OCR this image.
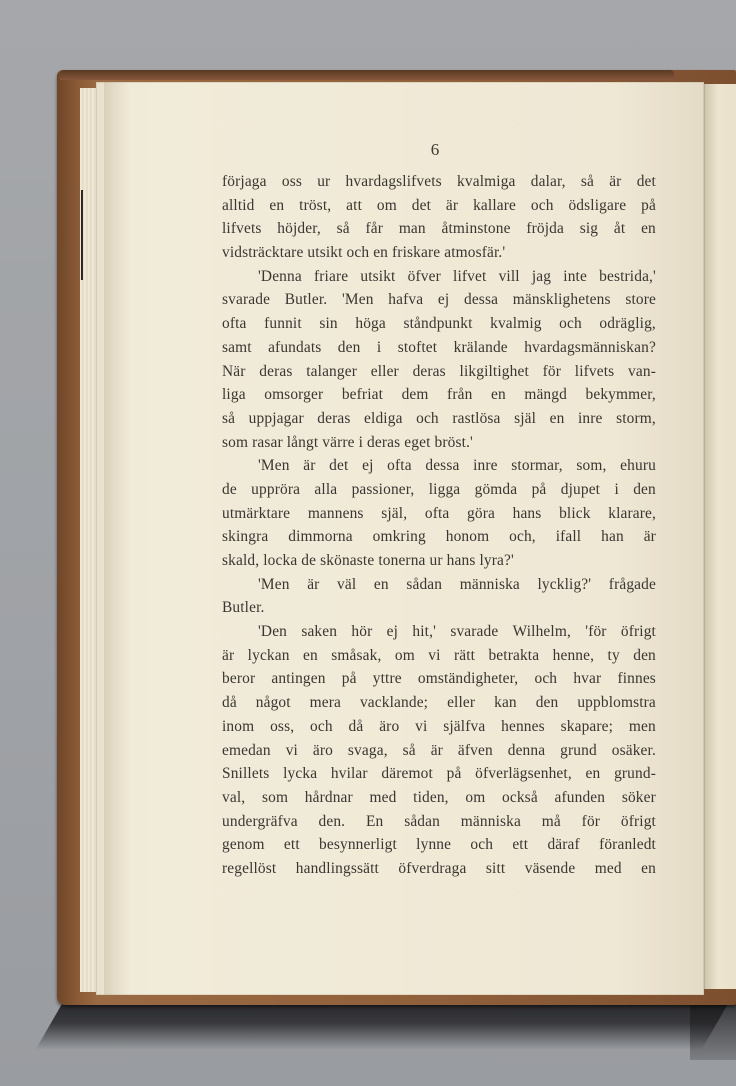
6
förjaga oss ur hvardagslifvets kvalmiga dalar, så är det
alltid en tröst, att om det är kallare och ödsligare på
lifvets höjder, så får man åtminstone fröjda sig åt en
vidsträcktare utsikt och en friskare atmosfär.'
'Denna friare utsikt öfver lifvet vill jag inte bestrida,'
svarade Butler. 'Men hafva ej dessa mänsklighetens store
ofta funnit sin höga ståndpunkt kvalmig och odräglig,
samt afundats den i stoftet krälande hvardagsmänniskan?
När deras talanger eller deras likgiltighet för lifvets van-
liga omsorger befriat dem från en mängd bekymmer,
så uppjagar deras eldiga och rastlösa själ en inre storm,
som rasar långt värre i deras eget bröst.'
'Men är det ej ofta dessa inre stormar, som, ehuru
de uppröra alla passioner, ligga gömda på djupet i den
utmärktare mannens själ, ofta göra hans blick klarare,
skingra dimmorna omkring honom och, ifall han är
skald, locka de skönaste tonerna ur hans lyra?'
'Men är väl en sådan människa lycklig?' frågade
Butler.
'Den saken hör ej hit,' svarade Wilhelm, 'för öfrigt
är lyckan en småsak, om vi rätt betrakta henne, ty den
beror antingen på yttre omständigheter, och hvar finnes
då något mera vacklande; eller kan den uppblomstra
inom oss, och då äro vi själfva hennes skapare; men
emedan vi äro svaga, så är äfven denna grund osäker.
Snillets lycka hvilar däremot på öfverlägsenhet, en grund-
val, som hårdnar med tiden, om också afunden söker
undergräfva den. En sådan människa må för öfrigt
genom ett besynnerligt lynne och ett däraf föranledt
regellöst handlingssätt öfverdraga sitt väsende med en
